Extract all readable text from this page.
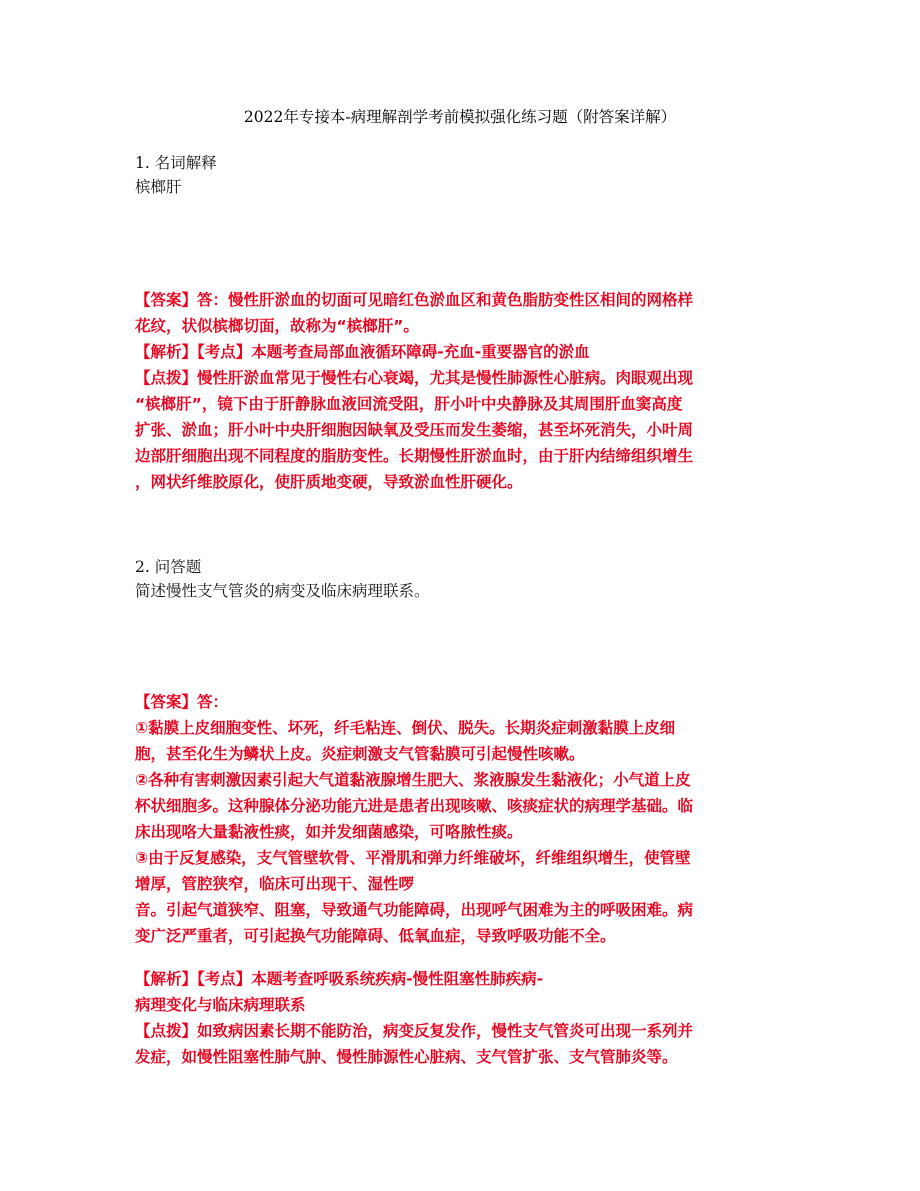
2022年专接本-病理解剖学考前模拟强化练习题（附答案详解）
1. 名词解释
槟榔肝

【答案】答：慢性肝淤血的切面可见暗红色淤血区和黄色脂肪变性区相间的网格样

花纹，状似槟榔切面，故称为“槟榔肝”。

【解析】【考点】本题考查局部血液循环障碍-充血-重要器官的淤血

【点拨】慢性肝淤血常见于慢性右心衰竭，尤其是慢性肺源性心脏病。肉眼观出现

“槟榔肝”，镜下由于肝静脉血液回流受阻，肝小叶中央静脉及其周围肝血窦高度

扩张、淤血；肝小叶中央肝细胞因缺氧及受压而发生萎缩，甚至坏死消失，小叶周

边部肝细胞出现不同程度的脂肪变性。长期慢性肝淤血时，由于肝内结缔组织增生

，网状纤维胶原化，使肝质地变硬，导致淤血性肝硬化。

2. 问答题
简述慢性支气管炎的病变及临床病理联系。

【答案】答：

①黏膜上皮细胞变性、坏死，纤毛粘连、倒伏、脱失。长期炎症刺激黏膜上皮细

胞，甚至化生为鳞状上皮。炎症刺激支气管黏膜可引起慢性咳嗽。

②各种有害刺激因素引起大气道黏液腺增生肥大、浆液腺发生黏液化；小气道上皮

杯状细胞多。这种腺体分泌功能亢进是患者出现咳嗽、咳痰症状的病理学基础。临

床出现咯大量黏液性痰，如并发细菌感染，可咯脓性痰。

③由于反复感染，支气管壁软骨、平滑肌和弹力纤维破坏，纤维组织增生，使管壁

增厚，管腔狭窄，临床可出现干、湿性啰

音。引起气道狭窄、阻塞，导致通气功能障碍，出现呼气困难为主的呼吸困难。病

变广泛严重者，可引起换气功能障碍、低氧血症，导致呼吸功能不全。

【解析】【考点】本题考查呼吸系统疾病-慢性阻塞性肺疾病-

病理变化与临床病理联系

【点拨】如致病因素长期不能防治，病变反复发作，慢性支气管炎可出现一系列并

发症，如慢性阻塞性肺气肿、慢性肺源性心脏病、支气管扩张、支气管肺炎等。
